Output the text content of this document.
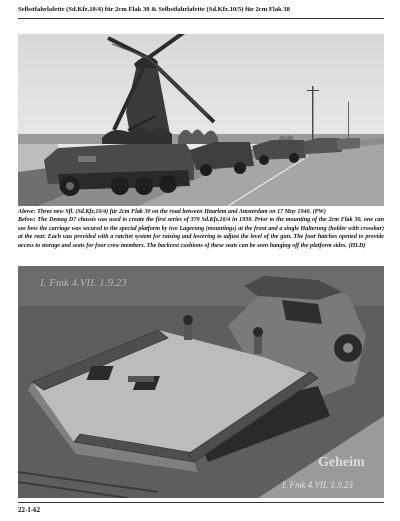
Selbstfahrlafette (Sd.Kfz.10/4) für 2cm Flak 30 & Selbstfahrlafette (Sd.Kfz.10/5) für 2cm Flak 38

Above: Three new Sfl. (Sd.Kfz.10/4) für 2cm Flak 30 on the road between Haarlem and Amsterdam on 17 May 1940. (PW)

Below: The Demag D7 chassis was used to create the first series of 370 Sd.Kfz.10/4 in 1939. Prior to the mounting of the 2cm Flak 30, one can see how the carriage was secured to the special platform by two Lagerung (mountings) at the front and a single Halterung (holder with crossbar) at the rear. Each was provided with a ratchet system for raising and lowering to adjust the level of the gun. The four hatches opened to provide access to storage and seats for four crew members. The backrest cushions of these seats can be seen hanging off the platform sides. (HLD)

I. Fmk 4.VII. 1.9.23
Geheim
I. Fmk 4.VII. 1.9.23
22-1-62
